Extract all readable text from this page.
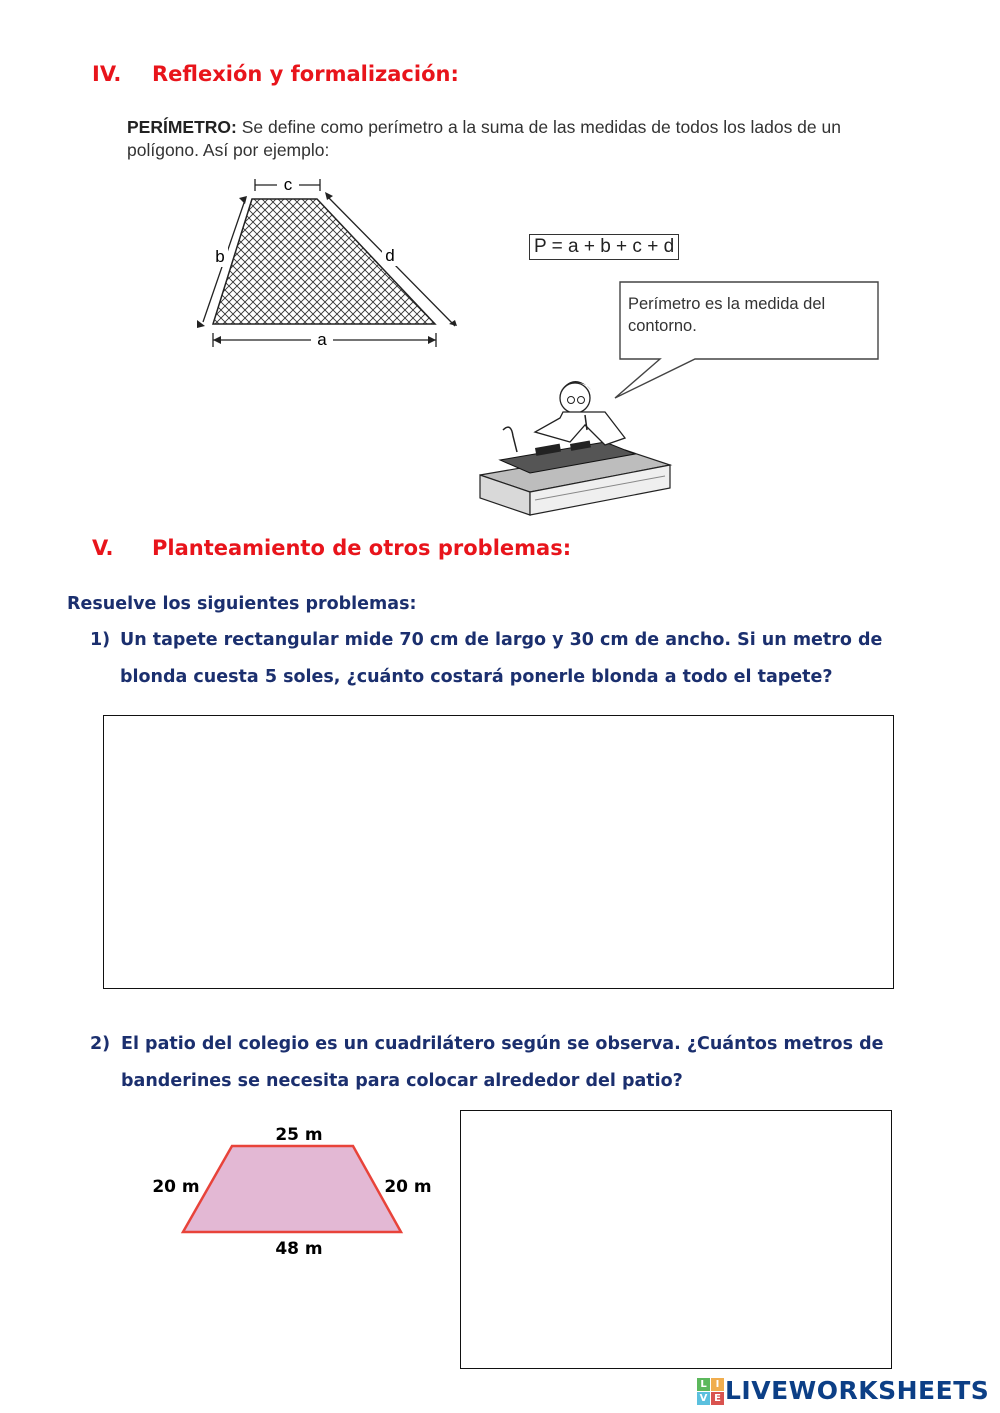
IV. Reflexión y formalización:
PERÍMETRO: Se define como perímetro a la suma de las medidas de todos los lados de un polígono. Así por ejemplo:
c
b	d
a
P = a + b + c + d
Perímetro es la medida del contorno.
V. Planteamiento de otros problemas:
Resuelve los siguientes problemas:
1) Un tapete rectangular mide 70 cm de largo y 30 cm de ancho. Si un metro de
blonda cuesta 5 soles, ¿cuánto costará ponerle blonda a todo el tapete?
2) El patio del colegio es un cuadrilátero según se observa. ¿Cuántos metros de
banderines se necesita para colocar alrededor del patio?
25 m
20 m	20 m
48 m
L I
V E LIVEWORKSHEETS
